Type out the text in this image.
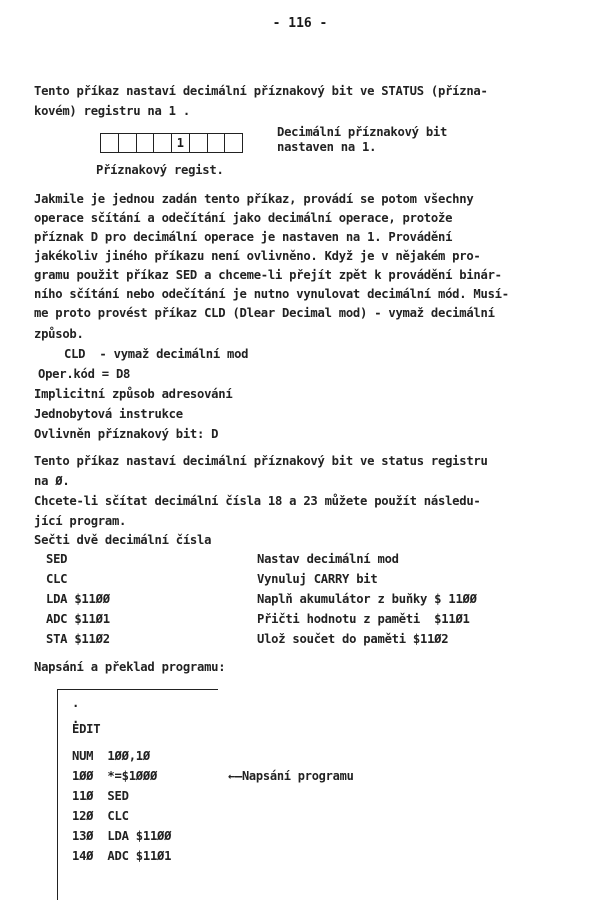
- 116 -
Tento příkaz nastaví decimální příznakový bit ve STATUS (přízna-
kovém) registru na 1 .
1
Decimální příznakový bit
nastaven na 1.
Příznakový regist.
Jakmile je jednou zadán tento příkaz, provádí se potom všechny
operace sčítání a odečítání jako decimální operace, protože
příznak D pro decimální operace je nastaven na 1. Provádění
jakékoliv jiného příkazu není ovlivněno. Když je v nějakém pro-
gramu použit příkaz SED a chceme-li přejít zpět k provádění binár-
ního sčítání nebo odečítání je nutno vynulovat decimální mód. Musí-
me proto provést příkaz CLD (Dlear Decimal mod) - vymaž decimální
způsob.
CLD  - vymaž decimální mod
Oper.kód = D8
Implicitní způsob adresování
Jednobytová instrukce
Ovlivněn příznakový bit: D
Tento příkaz nastaví decimální příznakový bit ve status registru
na Ø.
Chcete-li sčítat decimální čísla 18 a 23 můžete použít následu-
jící program.
Sečti dvě decimální čísla
SED	Nastav decimální mod
CLC	Vynuluj CARRY bit
LDA $11ØØ	Naplň akumulátor z buňky $ 11ØØ
ADC $11Ø1	Přičti hodnotu z paměti  $11Ø1
STA $11Ø2	Ulož součet do paměti $11Ø2
Napsání a překlad programu:
.
.
EDIT
NUM  1ØØ,1Ø
1ØØ  *=$1ØØØ
11Ø  SED
12Ø  CLC
13Ø  LDA $11ØØ
14Ø  ADC $11Ø1
←—Napsání programu
